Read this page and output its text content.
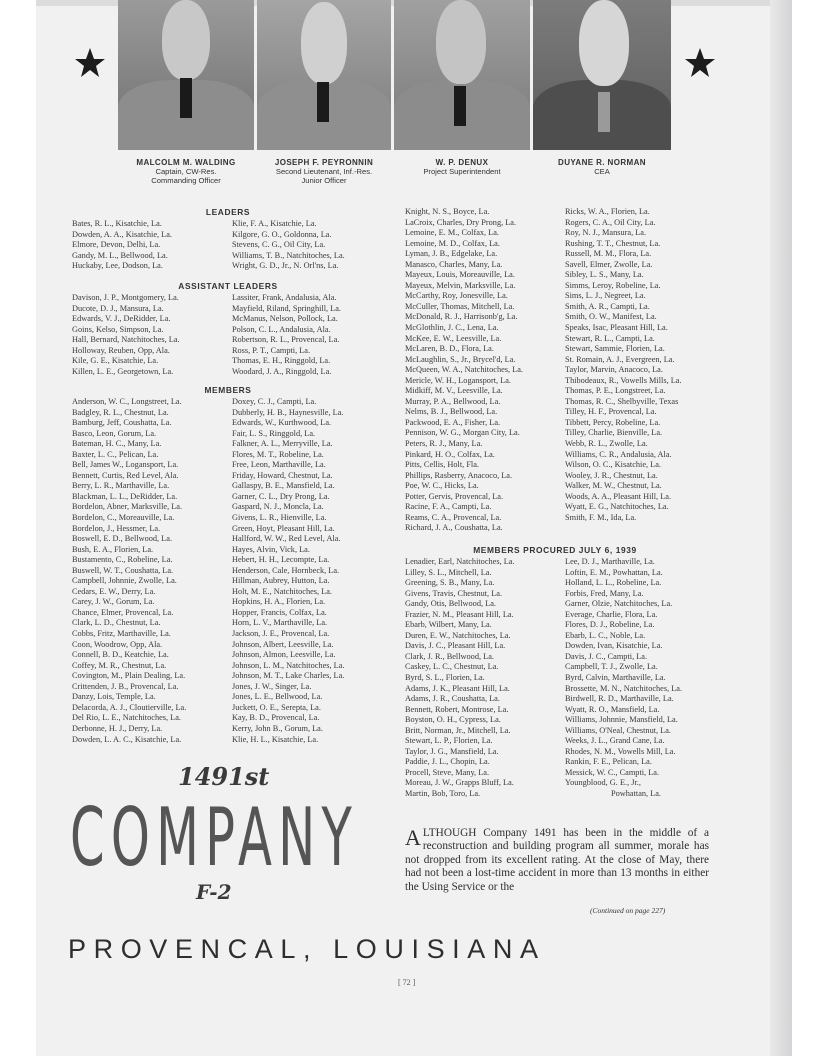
MALCOLM M. WALDING
Captain, CW-Res.
Commanding Officer
JOSEPH F. PEYRONNIN
Second Lieutenant, Inf.-Res.
Junior Officer
W. P. DENUX
Project Superintendent
DUYANE R. NORMAN
CEA
LEADERS
Bates, R. L., Kisatchie, La.
Dowden, A. A., Kisatchie, La.
Elmore, Devon, Delhi, La.
Gandy, M. L., Bellwood, La.
Huckaby, Lee, Dodson, La.
Klie, F. A., Kisatchie, La.
Kilgore, G. O., Goldonna, La.
Stevens, C. G., Oil City, La.
Williams, T. B., Natchitoches, La.
Wright, G. D., Jr., N. Orl'ns, La.
ASSISTANT LEADERS
Davison, J. P., Montgomery, La.
Ducote, D. J., Mansura, La.
Edwards, V. J., DeRidder, La.
Goins, Kelso, Simpson, La.
Hall, Bernard, Natchitoches, La.
Holloway, Reuben, Opp, Ala.
Kile, G. E., Kisatchie, La.
Killen, L. E., Georgetown, La.
Lassiter, Frank, Andalusia, Ala.
Mayfield, Riland, Springhill, La.
McManus, Nelson, Pollock, La.
Polson, C. L., Andalusia, Ala.
Robertson, R. L., Provencal, La.
Ross, P. T., Campti, La.
Thomas, E. H., Ringgold, La.
Woodard, J. A., Ringgold, La.
MEMBERS
Anderson, W. C., Longstreet, La.
Badgley, R. L., Chestnut, La.
Bamburg, Jeff, Coushatta, La.
Basco, Leon, Gorum, La.
Bateman, H. C., Many, La.
Baxter, L. C., Pelican, La.
Bell, James W., Logansport, La.
Bennett, Curtis, Red Level, Ala.
Berry, L. R., Marthaville, La.
Blackman, L. L., DeRidder, La.
Bordelon, Abner, Marksville, La.
Bordelon, C., Moreauville, La.
Bordelon, J., Hessmer, La.
Boswell, E. D., Bellwood, La.
Bush, E. A., Florien, La.
Bustamento, C., Robeline, La.
Buswell, W. T., Coushatta, La.
Campbell, Johnnie, Zwolle, La.
Cedars, E. W., Derry, La.
Carey, J. W., Gorum, La.
Chance, Elmer, Provencal, La.
Clark, L. D., Chestnut, La.
Cobbs, Fritz, Marthaville, La.
Coon, Woodrow, Opp, Ala.
Connell, B. D., Keatchie, La.
Coffey, M. R., Chestnut, La.
Covington, M., Plain Dealing, La.
Crittenden, J. B., Provencal, La.
Danzy, Lois, Temple, La.
Delacorda, A. J., Cloutierville, La.
Del Rio, L. E., Natchitoches, La.
Derbonne, H. J., Derry, La.
Dowden, L. A. C., Kisatchie, La.
Doxey, C. J., Campti, La.
Dubberly, H. B., Haynesville, La.
Edwards, W., Kurthwood, La.
Fair, L. S., Ringgold, La.
Falkner, A. L., Merryville, La.
Flores, M. T., Robeline, La.
Free, Leon, Marthaville, La.
Friday, Howard, Chestnut, La.
Gallaspy, B. E., Mansfield, La.
Garner, C. L., Dry Prong, La.
Gaspard, N. J., Moncla, La.
Givens, L. R., Hienville, La.
Green, Hoyt, Pleasant Hill, La.
Hallford, W. W., Red Level, Ala.
Hayes, Alvin, Vick, La.
Hebert, H. H., Lecompte, La.
Henderson, Cale, Hornbeck, La.
Hillman, Aubrey, Hutton, La.
Holt, M. E., Natchitoches, La.
Hopkins, H. A., Florien, La.
Hopper, Francis, Colfax, La.
Horn, L. V., Marthaville, La.
Jackson, J. E., Provencal, La.
Johnson, Albert, Leesville, La.
Johnson, Almon, Leesville, La.
Johnson, L. M., Natchitoches, La.
Johnson, M. T., Lake Charles, La.
Jones, J. W., Singer, La.
Jones, L. E., Bellwood, La.
Juckett, O. E., Serepta, La.
Kay, B. D., Provencal, La.
Kerry, John B., Gorum, La.
Klie, H. L., Kisatchie, La.
Knight, N. S., Boyce, La.
LaCroix, Charles, Dry Prong, La.
Lemoine, E. M., Colfax, La.
Lemoine, M. D., Colfax, La.
Lyman, J. B., Edgelake, La.
Manasco, Charles, Many, La.
Mayeux, Louis, Moreauville, La.
Mayeux, Melvin, Marksville, La.
McCarthy, Roy, Jonesville, La.
McCuller, Thomas, Mitchell, La.
McDonald, R. J., Harrisonb'g, La.
McGlothlin, J. C., Lena, La.
McKee, E. W., Leesville, La.
McLaren, B. D., Flora, La.
McLaughlin, S., Jr., Brycel'd, La.
McQueen, W. A., Natchitoches, La.
Mericle, W. H., Logansport, La.
Midkiff, M. V., Leesville, La.
Murray, P. A., Bellwood, La.
Nelms, B. J., Bellwood, La.
Packwood, E. A., Fisher, La.
Pennison, W. G., Morgan City, La.
Peters, R. J., Many, La.
Pinkard, H. O., Colfax, La.
Pitts, Cellis, Holt, Fla.
Phillips, Rasberry, Anacoco, La.
Poe, W. C., Hicks, La.
Potter, Gervis, Provencal, La.
Racine, F. A., Campti, La.
Reams, C. A., Provencal, La.
Richard, J. A., Coushatta, La.
Ricks, W. A., Florien, La.
Rogers, C. A., Oil City, La.
Roy, N. J., Mansura, La.
Rushing, T. T., Chestnut, La.
Russell, M. M., Flora, La.
Savell, Elmer, Zwolle, La.
Sibley, L. S., Many, La.
Simms, Leroy, Robeline, La.
Sims, L. J., Negreet, La.
Smith, A. R., Campti, La.
Smith, O. W., Manifest, La.
Speaks, Isac, Pleasant Hill, La.
Stewart, R. L., Campti, La.
Stewart, Sammie, Florien, La.
St. Romain, A. J., Evergreen, La.
Taylor, Marvin, Anacoco, La.
Thibodeaux, R., Vowells Mills, La.
Thomas, P. E., Longstreet, La.
Thomas, R. C., Shelbyville, Texas
Tilley, H. F., Provencal, La.
Tibbett, Percy, Robeline, La.
Tilley, Charlie, Bienville, La.
Webb, R. L., Zwolle, La.
Williams, C. R., Andalusia, Ala.
Wilson, O. C., Kisatchie, La.
Wooley, J. R., Chestnut, La.
Walker, M. W., Chestnut, La.
Woods, A. A., Pleasant Hill, La.
Wyatt, E. G., Natchitoches, La.
Smith, F. M., Ida, La.
MEMBERS PROCURED JULY 6, 1939
Lenadier, Earl, Natchitoches, La.
Lilley, S. L., Mitchell, La.
Greening, S. B., Many, La.
Givens, Travis, Chestnut, La.
Gandy, Otis, Bellwood, La.
Frazier, N. M., Pleasant Hill, La.
Ebarb, Wilbert, Many, La.
Duren, E. W., Natchitoches, La.
Davis, J. C., Pleasant Hill, La.
Clark, J. R., Bellwood, La.
Caskey, L. C., Chestnut, La.
Byrd, S. L., Florien, La.
Adams, J. K., Pleasant Hill, La.
Adams, J. R., Coushatta, La.
Bennett, Robert, Montrose, La.
Boyston, O. H., Cypress, La.
Britt, Norman, Jr., Mitchell, La.
Stewart, L. P., Florien, La.
Taylor, J. G., Mansfield, La.
Paddie, J. L., Chopin, La.
Procell, Steve, Many, La.
Moreau, J. W., Grapps Bluff, La.
Martin, Bob, Toro, La.
Lee, D. J., Marthaville, La.
Loftin, E. M., Powhattan, La.
Holland, L. L., Robeline, La.
Forbis, Fred, Many, La.
Garner, Olzie, Natchitoches, La.
Everage, Charlie, Flora, La.
Flores, D. J., Robeline, La.
Ebarb, L. C., Noble, La.
Dowden, Ivan, Kisatchie, La.
Davis, J. C., Campti, La.
Campbell, T. J., Zwolle, La.
Byrd, Calvin, Marthaville, La.
Brossette, M. N., Natchitoches, La.
Birdwell, R. D., Marthaville, La.
Wyatt, R. O., Mansfield, La.
Williams, Johnnie, Mansfield, La.
Williams, O'Neal, Chestnut, La.
Weeks, J. L., Grand Cane, La.
Rhodes, N. M., Vowells Mill, La.
Rankin, F. E., Pelican, La.
Messick, W. C., Campti, La.
Youngblood, G. E., Jr.,
Powhattan, La.
1491st
COMPANY
F-2
PROVENCAL, LOUISIANA
ALTHOUGH Company 1491 has been in the middle of a reconstruction and building program all summer, morale has not dropped from its excellent rating. At the close of May, there had not been a lost-time accident in more than 13 months in either the Using Service or the
(Continued on page 227)
[ 72 ]
